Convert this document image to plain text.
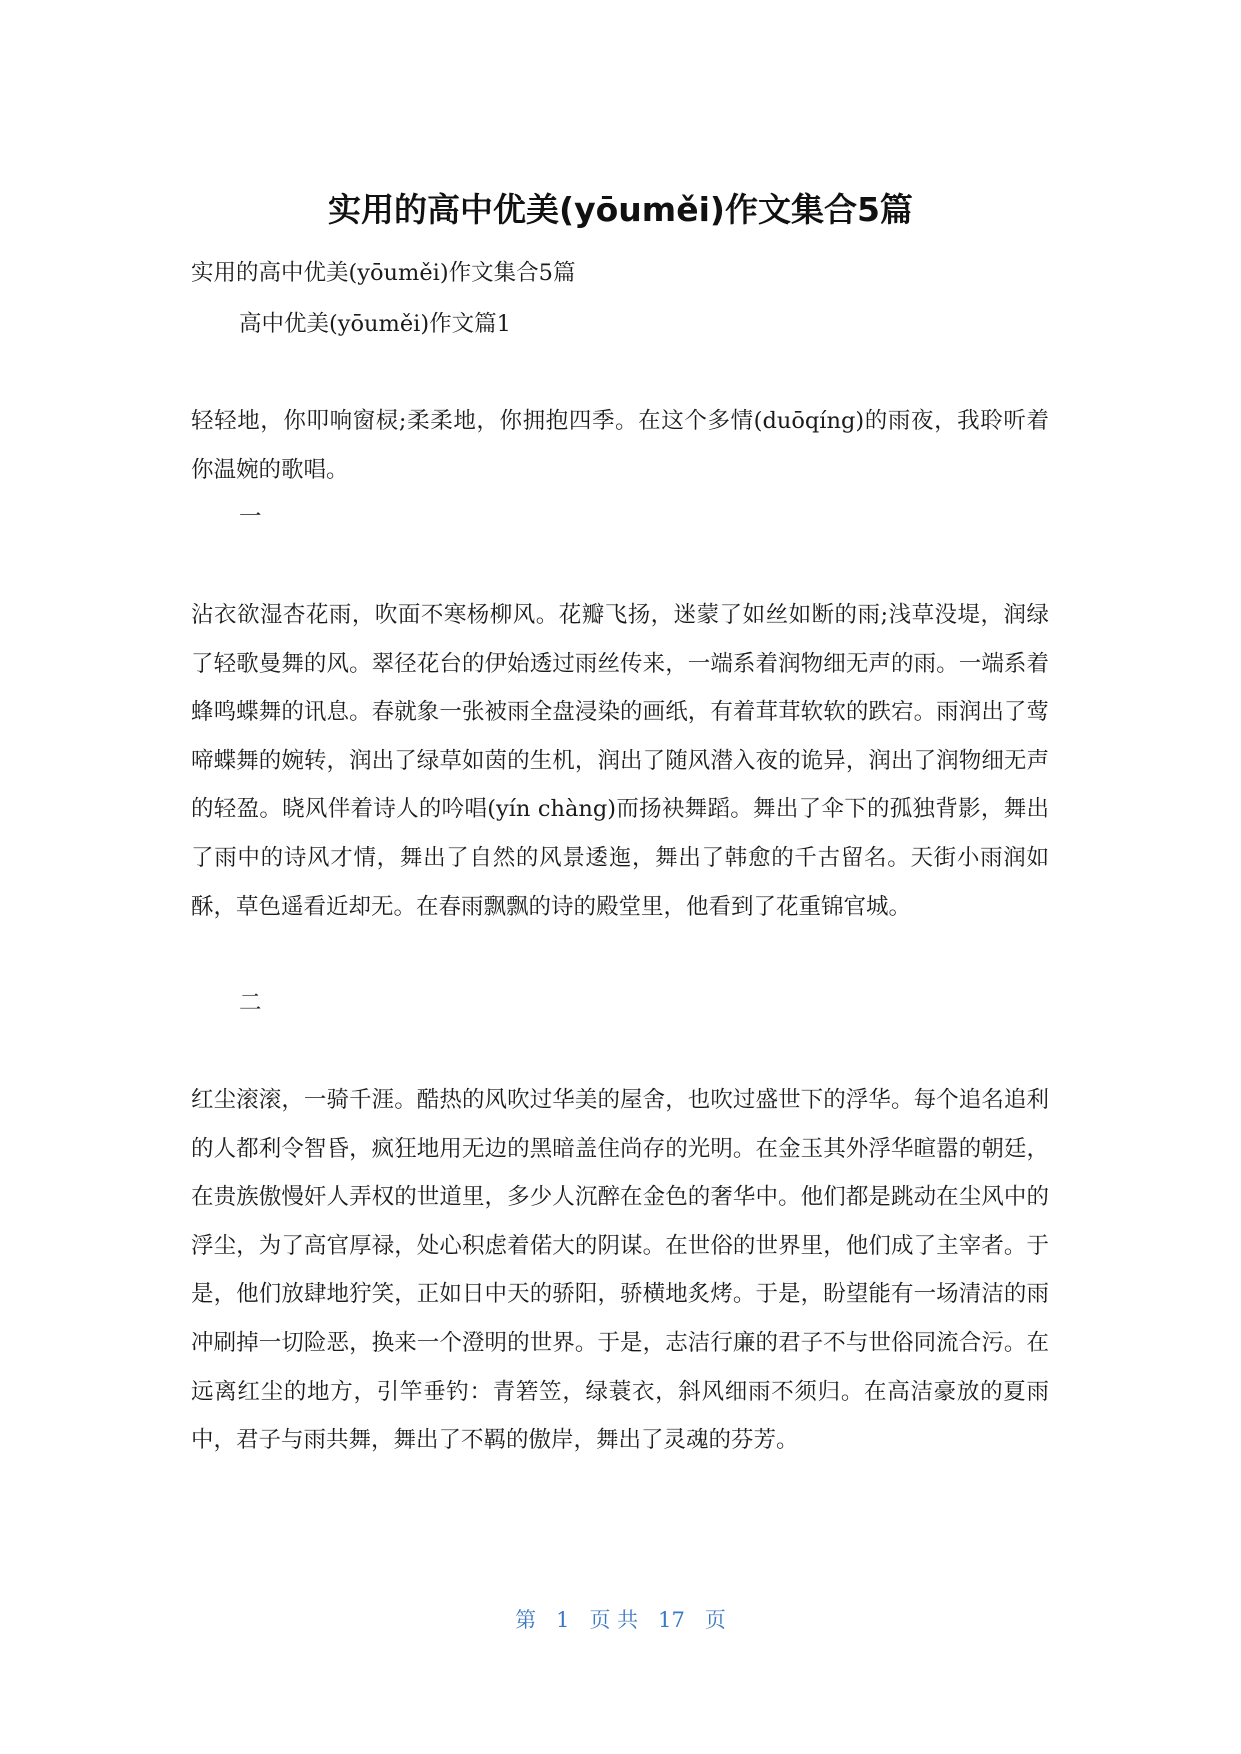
实用的高中优美(yōuměi)作文集合5篇

实用的高中优美(yōuměi)作文集合5篇

高中优美(yōuměi)作文篇1

轻轻地，你叩响窗棂;柔柔地，你拥抱四季。在这个多情(duōqíng)的雨夜，我聆听着你温婉的歌唱。

一

沾衣欲湿杏花雨，吹面不寒杨柳风。花瓣飞扬，迷蒙了如丝如断的雨;浅草没堤，润绿了轻歌曼舞的风。翠径花台的伊始透过雨丝传来，一端系着润物细无声的雨。一端系着蜂鸣蝶舞的讯息。春就象一张被雨全盘浸染的画纸，有着茸茸软软的跌宕。雨润出了莺啼蝶舞的婉转，润出了绿草如茵的生机，润出了随风潜入夜的诡异，润出了润物细无声的轻盈。晓风伴着诗人的吟唱(yín chàng)而扬袂舞蹈。舞出了伞下的孤独背影，舞出了雨中的诗风才情，舞出了自然的风景逶迤，舞出了韩愈的千古留名。天街小雨润如酥，草色遥看近却无。在春雨飘飘的诗的殿堂里，他看到了花重锦官城。

二

红尘滚滚，一骑千涯。酷热的风吹过华美的屋舍，也吹过盛世下的浮华。每个追名追利的人都利令智昏，疯狂地用无边的黑暗盖住尚存的光明。在金玉其外浮华暄嚣的朝廷，在贵族傲慢奸人弄权的世道里，多少人沉醉在金色的奢华中。他们都是跳动在尘风中的浮尘，为了高官厚禄，处心积虑着偌大的阴谋。在世俗的世界里，他们成了主宰者。于是，他们放肆地狞笑，正如日中天的骄阳，骄横地炙烤。于是，盼望能有一场清洁的雨冲刷掉一切险恶，换来一个澄明的世界。于是，志洁行廉的君子不与世俗同流合污。在远离红尘的地方，引竿垂钓：青箬笠，绿蓑衣，斜风细雨不须归。在高洁豪放的夏雨中，君子与雨共舞，舞出了不羁的傲岸，舞出了灵魂的芬芳。

第   1   页 共   17   页
